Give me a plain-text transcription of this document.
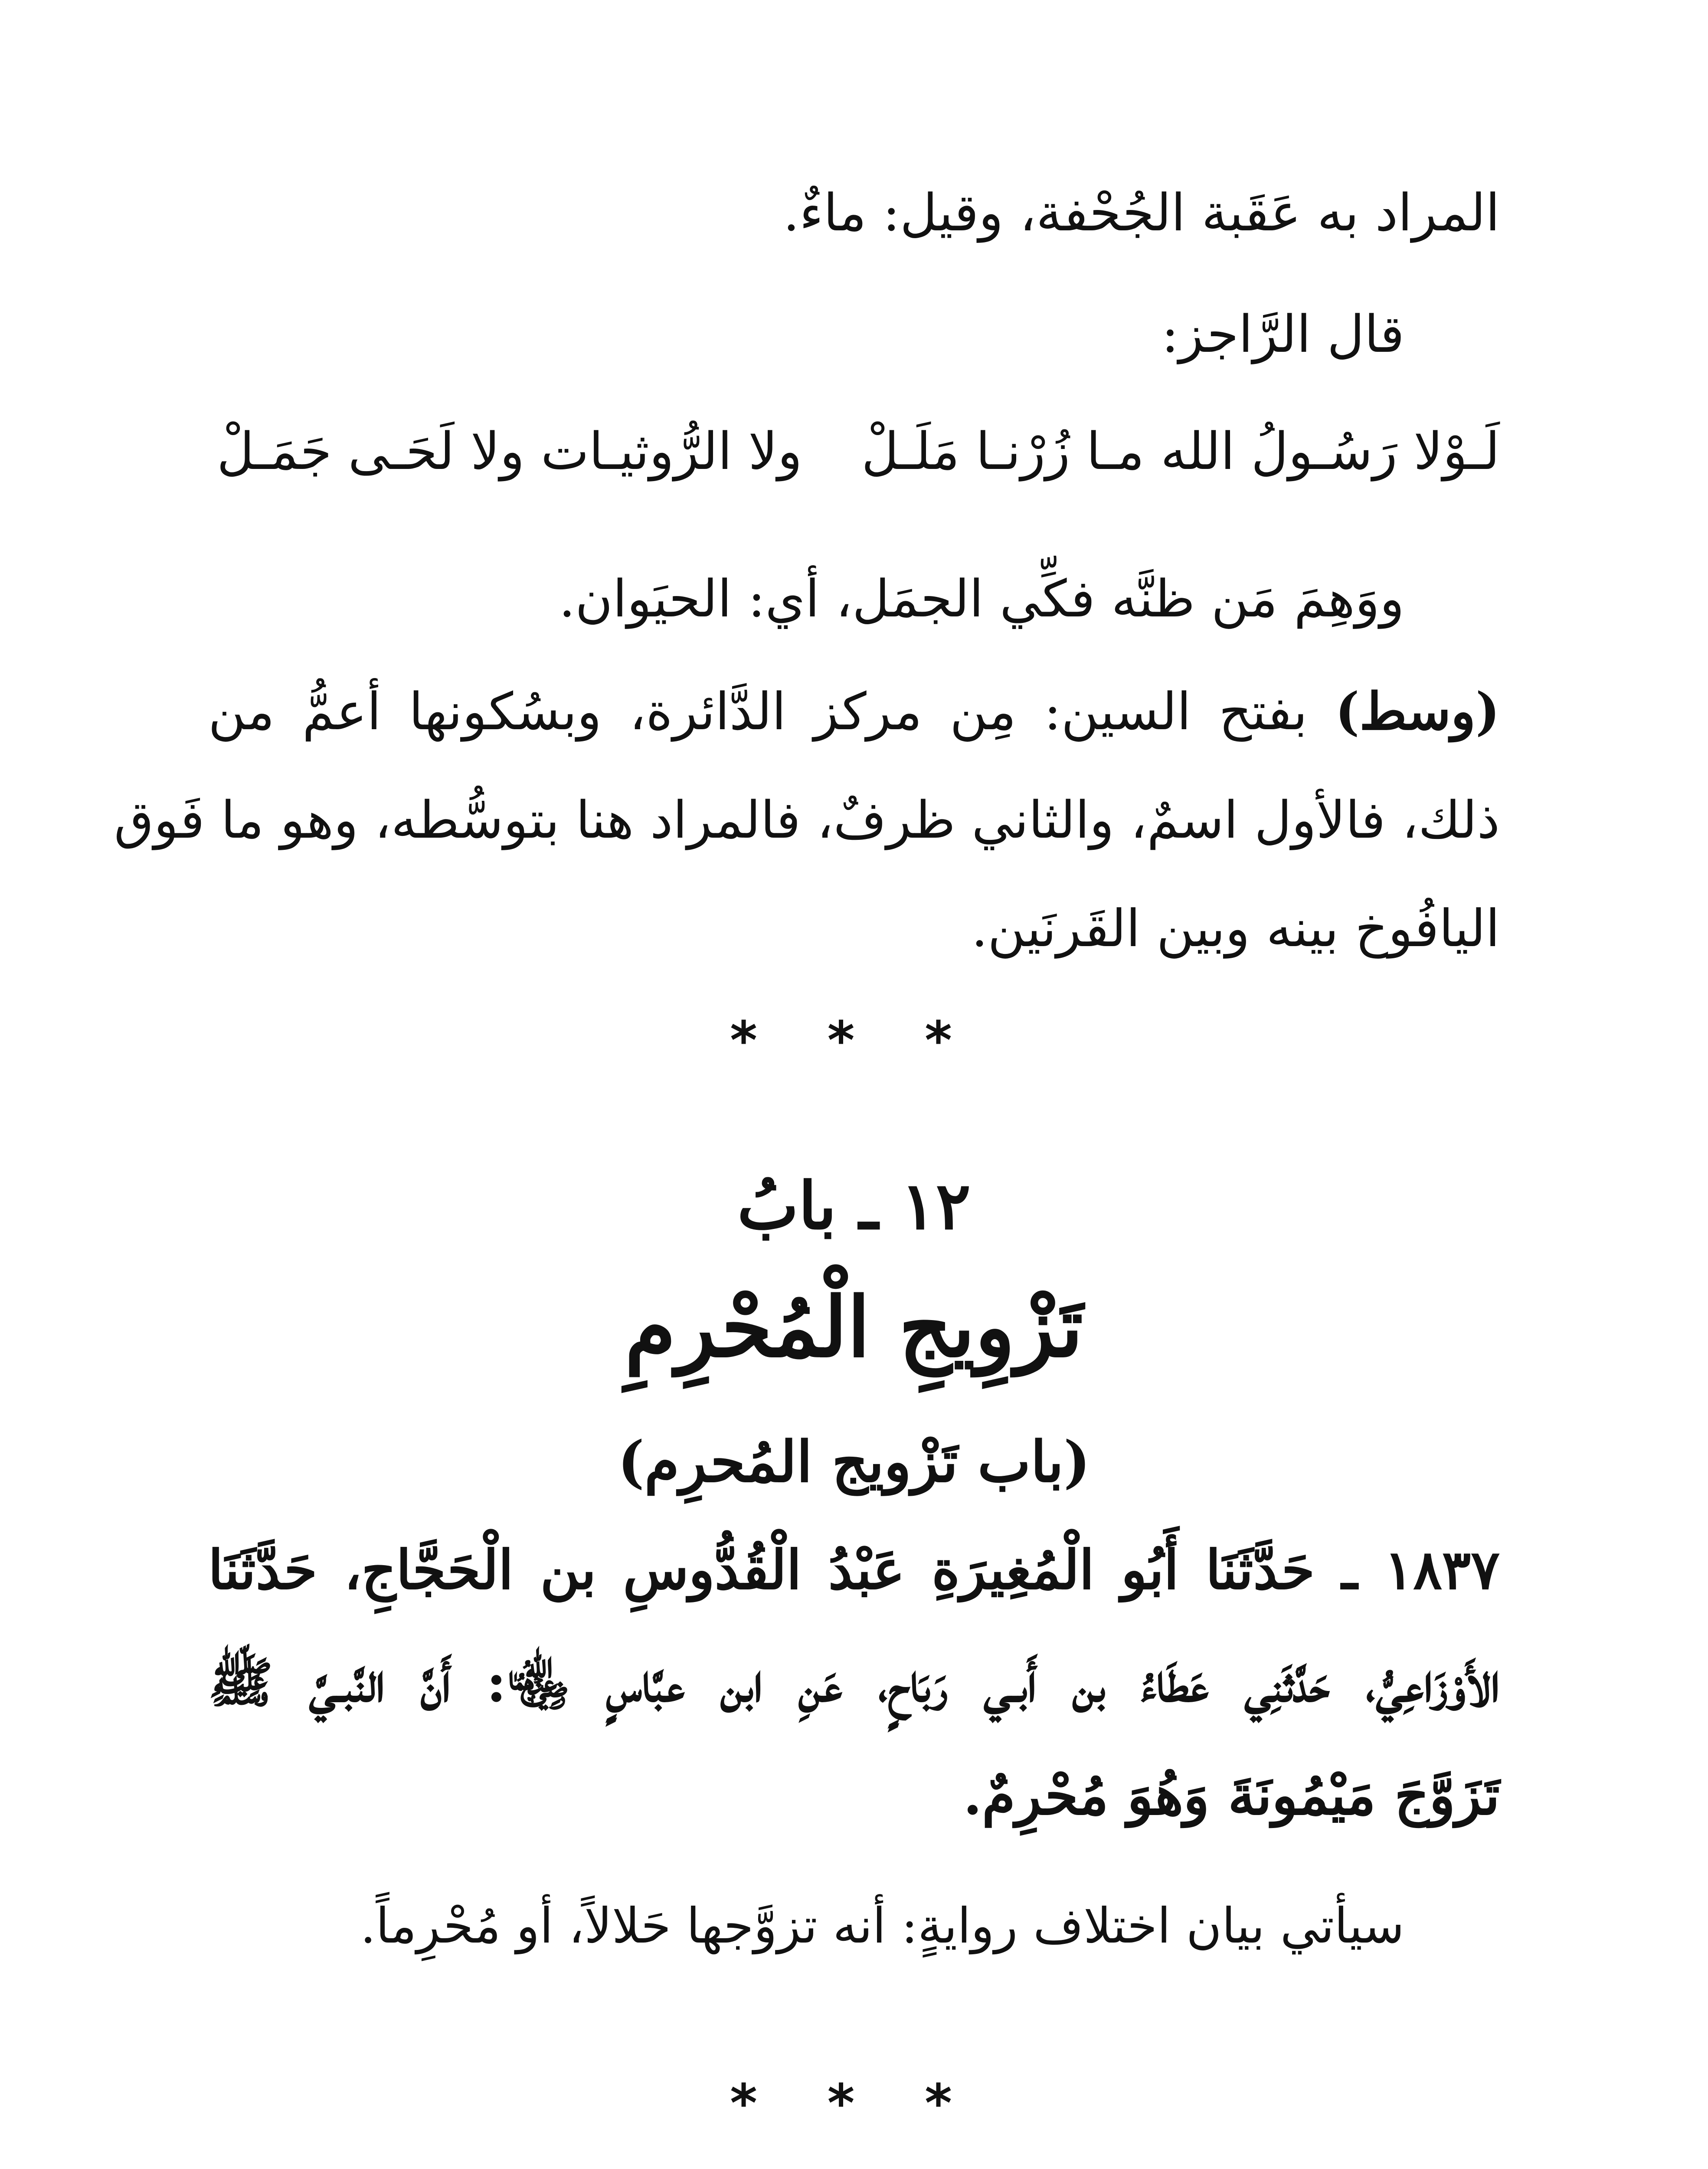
المراد به عَقَبة الجُحْفة، وقيل: ماءٌ.
قال الرَّاجز:
لَـوْلا رَسُـولُ الله مـا زُرْنـا مَلَـلْ
ولا الرُّوثيـات ولا لَحَـى جَمَـلْ
ووَهِمَ مَن ظنَّه فكِّي الجمَل، أي: الحيَوان.
(وسط) بفتح السين: مِن مركز الدَّائرة، وبسُكونها أعمُّ من
ذلك، فالأول اسمٌ، والثاني ظرفٌ، فالمراد هنا بتوسُّطه، وهو ما فَوق
اليافُوخ بينه وبين القَرنَين.
* * *
١٢ ـ بابُ
تَزْوِيجِ الْمُحْرِمِ
(باب تَزْويج المُحرِم)
١٨٣٧ ـ حَدَّثَنَا أَبُو الْمُغِيرَةِ عَبْدُ الْقُدُّوسِ بن الْحَجَّاجِ، حَدَّثَنَا
الأَوْزَاعِيُّ، حَدَّثَنِي عَطَاءُ بن أَبـي رَبَاحٍ، عَنِ ابن عبَّاسٍ ﵄: أَنَّ النَّبـيَّ ﷺ
تَزَوَّجَ مَيْمُونَةَ وَهُوَ مُحْرِمٌ.
سيأتي بيان اختلاف روايةٍ: أنه تزوَّجها حَلالاً، أو مُحْرِماً.
* * *
